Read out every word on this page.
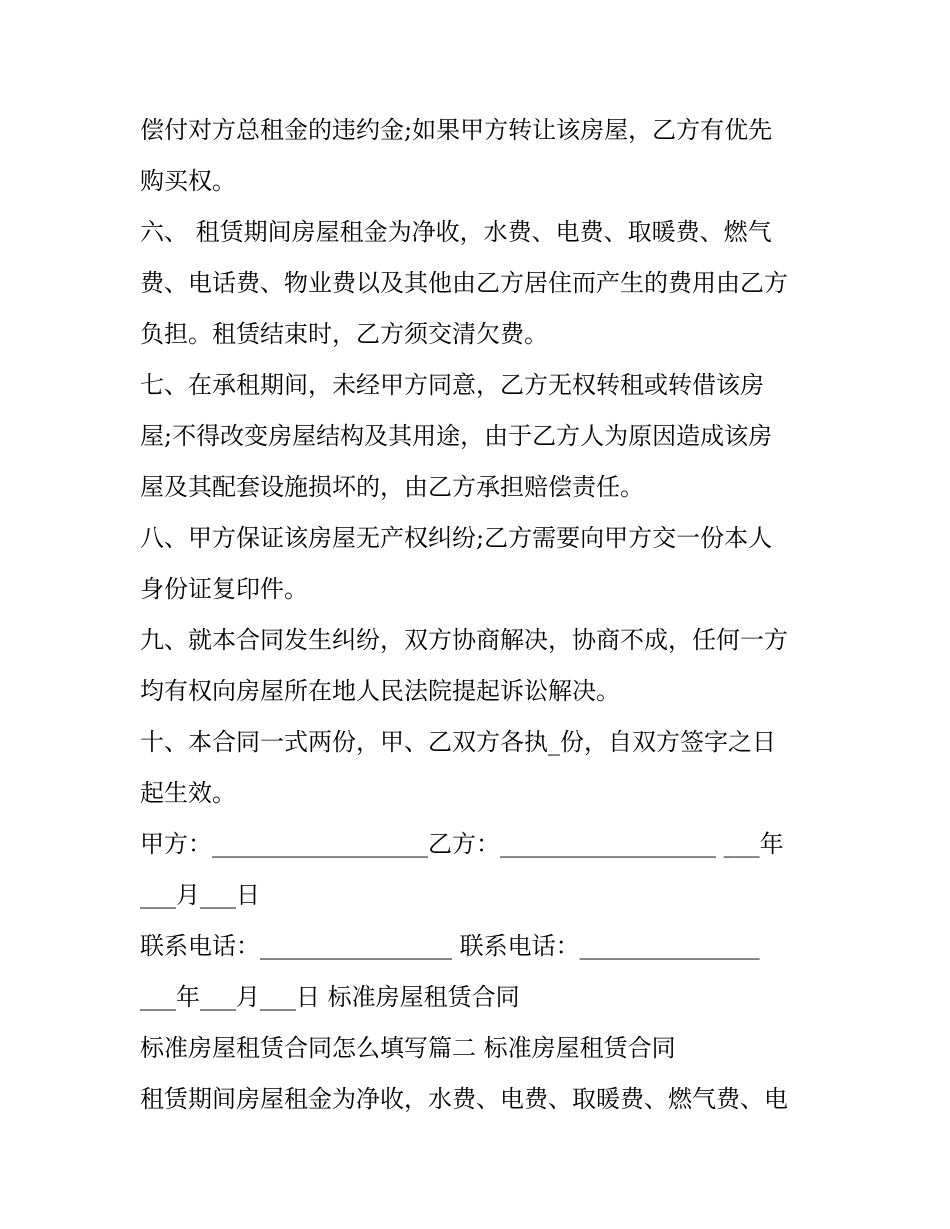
偿付对方总租金的违约金;如果甲方转让该房屋，乙方有优先
购买权。
六、 租赁期间房屋租金为净收，水费、电费、取暖费、燃气
费、电话费、物业费以及其他由乙方居住而产生的费用由乙方
负担。租赁结束时，乙方须交清欠费。
七、在承租期间，未经甲方同意，乙方无权转租或转借该房
屋;不得改变房屋结构及其用途，由于乙方人为原因造成该房
屋及其配套设施损坏的，由乙方承担赔偿责任。
八、甲方保证该房屋无产权纠纷;乙方需要向甲方交一份本人
身份证复印件。
九、就本合同发生纠纷，双方协商解决，协商不成，任何一方
均有权向房屋所在地人民法院提起诉讼解决。
十、本合同一式两份，甲、乙双方各执_份，自双方签字之日
起生效。
甲方：__________________乙方：__________________ ___年
___月___日
联系电话：________________ 联系电话：_______________
___年___月___日 标准房屋租赁合同
标准房屋租赁合同怎么填写篇二 标准房屋租赁合同
租赁期间房屋租金为净收，水费、电费、取暖费、燃气费、电
